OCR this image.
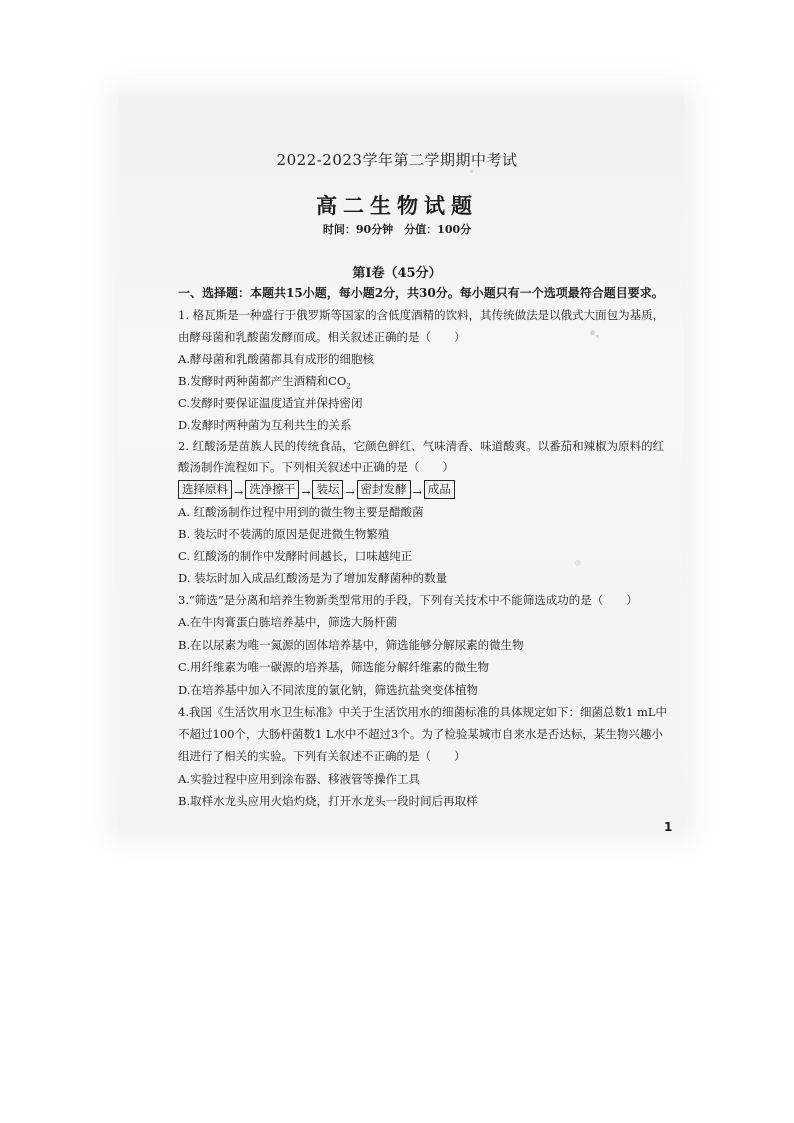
2022-2023学年第二学期期中考试
高二生物试题
时间：90分钟　分值：100分
第Ⅰ卷（45分）
一、选择题：本题共15小题，每小题2分，共30分。每小题只有一个选项最符合题目要求。
1. 格瓦斯是一种盛行于俄罗斯等国家的含低度酒精的饮料，其传统做法是以俄式大面包为基质，
由酵母菌和乳酸菌发酵而成。相关叙述正确的是（　　）
A.酵母菌和乳酸菌都具有成形的细胞核
B.发酵时两种菌都产生酒精和$CO_2$
C.发酵时要保证温度适宜并保持密闭
D.发酵时两种菌为互利共生的关系
2. 红酸汤是苗族人民的传统食品，它颜色鲜红、气味清香、味道酸爽。以番茄和辣椒为原料的红
酸汤制作流程如下。下列相关叙述中正确的是（　　）
选择原料 → 洗净擦干 → 装坛 → 密封发酵 → 成品
A. 红酸汤制作过程中用到的微生物主要是醋酸菌
B. 装坛时不装满的原因是促进微生物繁殖
C. 红酸汤的制作中发酵时间越长，口味越纯正
D. 装坛时加入成品红酸汤是为了增加发酵菌种的数量
3.“筛选”是分离和培养生物新类型常用的手段，下列有关技术中不能筛选成功的是（　　）
A.在牛肉膏蛋白胨培养基中，筛选大肠杆菌
B.在以尿素为唯一氮源的固体培养基中，筛选能够分解尿素的微生物
C.用纤维素为唯一碳源的培养基，筛选能分解纤维素的微生物
D.在培养基中加入不同浓度的氯化钠，筛选抗盐突变体植物
4.我国《生活饮用水卫生标准》中关于生活饮用水的细菌标准的具体规定如下：细菌总数1 mL中
不超过100个，大肠杆菌数1 L水中不超过3个。为了检验某城市自来水是否达标，某生物兴趣小
组进行了相关的实验。下列有关叙述不正确的是（　　）
A.实验过程中应用到涂布器、移液管等操作工具
B.取样水龙头应用火焰灼烧，打开水龙头一段时间后再取样
1
